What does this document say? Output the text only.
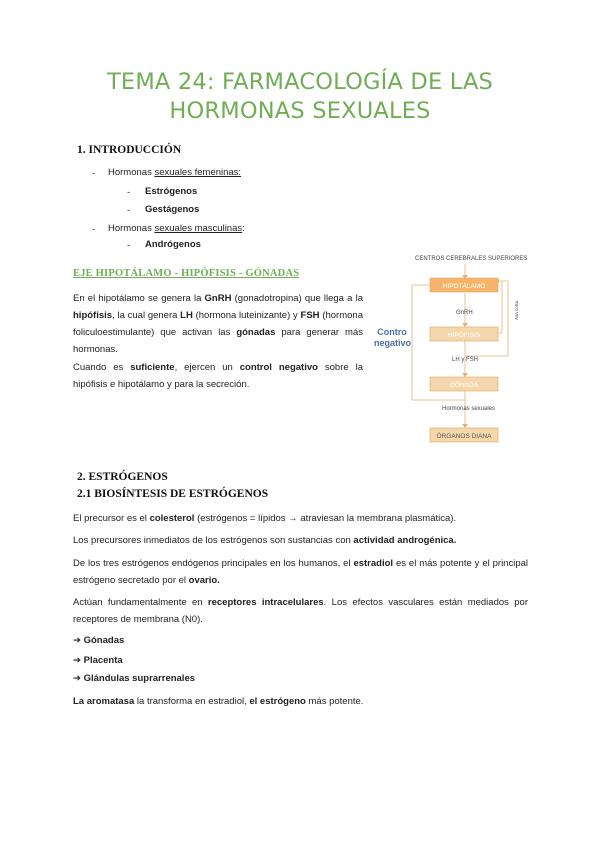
TEMA 24: FARMACOLOGÍA DE LAS
HORMONAS SEXUALES
1. INTRODUCCIÓN
- Hormonas sexuales femeninas:
- Estrógenos
- Gestágenos
- Hormonas sexuales masculinas:
- Andrógenos
EJE HIPOTÁLAMO - HIPÓFISIS - GÓNADAS
En el hipotálamo se genera la GnRH (gonadotropina) que llega a la hipófisis, la cual genera LH (hormona luteinizante) y FSH (hormona foliculoestimulante) que activan las gónadas para generar más hormonas.
Cuando es suficiente, ejercen un control negativo sobre la hipófisis e hipotálamo y para la secreción.
Contro
negativo
CENTROS CEREBRALES SUPERIORES
HIPOTÁLAMO
HIPÓFISIS
GÓNADA
ÓRGANOS DIANA
GnRH
LH y FSH
Hormonas sexuales
Asa corta
2. ESTRÓGENOS
2.1 BIOSÍNTESIS DE ESTRÓGENOS
El precursor es el colesterol (estrógenos = lípidos → atraviesan la membrana plasmática).
Los precursores inmediatos de los estrógenos son sustancias con actividad androgénica.
De los tres estrógenos endógenos principales en los humanos, el estradiol es el más potente y el principal estrógeno secretado por el ovario.
Actúan fundamentalmente en receptores intracelulares. Los efectos vasculares están mediados por receptores de membrana (N0).
➔ Gónadas
➔ Placenta
➔ Glándulas suprarrenales
La aromatasa la transforma en estradiol, el estrógeno más potente.
